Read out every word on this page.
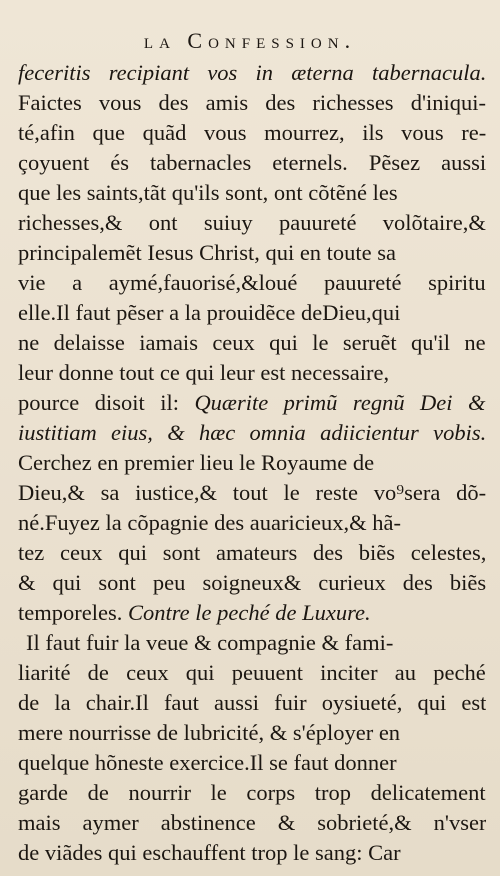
la Confession.
feceritis recipiant vos in æterna tabernacula.
Faictes vous des amis des richesses d'iniqui-
té,afin que quãd vous mourrez, ils vous re-
çoyuent és tabernacles eternels. Pẽsez aussi
que les saints,tãt qu'ils sont, ont cõtẽné les
richesses,& ont suiuy pauureté volõtaire,&
principalemẽt Iesus Christ, qui en toute sa
vie a aymé,fauorisé,&loué pauureté spiritu
elle.Il faut pẽser a la prouidẽce deDieu,qui
ne delaisse iamais ceux qui le seruẽt qu'il ne
leur donne tout ce qui leur est necessaire,
pource disoit il: Quærite primũ regnũ Dei &
iustitiam eius, & hæc omnia adiicientur vobis.
Cerchez en premier lieu le Royaume de
Dieu,& sa iustice,& tout le reste vo⁹sera dõ-
né.Fuyez la cõpagnie des auaricieux,& hã-
tez ceux qui sont amateurs des biẽs celestes,
& qui sont peu soigneux& curieux des biẽs
temporeles. Contre le peché de Luxure.
Il faut fuir la veue & compagnie & fami-
liarité de ceux qui peuuent inciter au peché
de la chair.Il faut aussi fuir oysiueté, qui est
mere nourrisse de lubricité, & s'éployer en
quelque hõneste exercice.Il se faut donner
garde de nourrir le corps trop delicatement
mais aymer abstinence & sobrieté,& n'vser
de viãdes qui eschauffent trop le sang: Car
